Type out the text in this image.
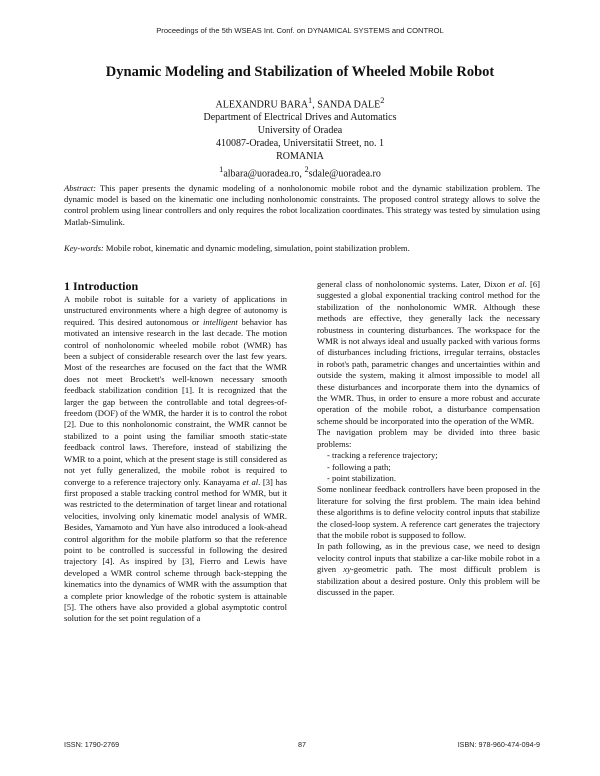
Proceedings of the 5th WSEAS Int. Conf. on DYNAMICAL SYSTEMS and CONTROL
Dynamic Modeling and Stabilization of Wheeled Mobile Robot
ALEXANDRU BARA$^1$, SANDA DALE$^2$
Department of Electrical Drives and Automatics
University of Oradea
410087-Oradea, Universitatii Street, no. 1
ROMANIA
$^1$albara@uoradea.ro, $^2$sdale@uoradea.ro
Abstract: This paper presents the dynamic modeling of a nonholonomic mobile robot and the dynamic stabilization problem. The dynamic model is based on the kinematic one including nonholonomic constraints. The proposed control strategy allows to solve the control problem using linear controllers and only requires the robot localization coordinates. This strategy was tested by simulation using Matlab-Simulink.
Key-words: Mobile robot, kinematic and dynamic modeling, simulation, point stabilization problem.
1 Introduction

A mobile robot is suitable for a variety of applications in unstructured environments where a high degree of autonomy is required. This desired autonomous or intelligent behavior has motivated an intensive research in the last decade. The motion control of nonholonomic wheeled mobile robot (WMR) has been a subject of considerable research over the last few years. Most of the researches are focused on the fact that the WMR does not meet Brockett's well-known necessary smooth feedback stabilization condition [1]. It is recognized that the larger the gap between the controllable and total degrees-of-freedom (DOF) of the WMR, the harder it is to control the robot [2]. Due to this nonholonomic constraint, the WMR cannot be stabilized to a point using the familiar smooth static-state feedback control laws. Therefore, instead of stabilizing the WMR to a point, which at the present stage is still considered as not yet fully generalized, the mobile robot is required to converge to a reference trajectory only. Kanayama et al. [3] has first proposed a stable tracking control method for WMR, but it was restricted to the determination of target linear and rotational velocities, involving only kinematic model analysis of WMR. Besides, Yamamoto and Yun have also introduced a look-ahead control algorithm for the mobile platform so that the reference point to be controlled is successful in following the desired trajectory [4]. As inspired by [3], Fierro and Lewis have developed a WMR control scheme through back-stepping the kinematics into the dynamics of WMR with the assumption that a complete prior knowledge of the robotic system is attainable [5]. The others have also provided a global asymptotic control solution for the set point regulation of a

general class of nonholonomic systems. Later, Dixon et al. [6] suggested a global exponential tracking control method for the stabilization of the nonholonomic WMR. Although these methods are effective, they generally lack the necessary robustness in countering disturbances. The workspace for the WMR is not always ideal and usually packed with various forms of disturbances including frictions, irregular terrains, obstacles in robot's path, parametric changes and uncertainties within and outside the system, making it almost impossible to model all these disturbances and incorporate them into the dynamics of the WMR. Thus, in order to ensure a more robust and accurate operation of the mobile robot, a disturbance compensation scheme should be incorporated into the operation of the WMR.

The navigation problem may be divided into three basic problems:

- tracking a reference trajectory;
- following a path;
- point stabilization.

Some nonlinear feedback controllers have been proposed in the literature for solving the first problem. The main idea behind these algorithms is to define velocity control inputs that stabilize the closed-loop system. A reference cart generates the trajectory that the mobile robot is supposed to follow.

In path following, as in the previous case, we need to design velocity control inputs that stabilize a car-like mobile robot in a given xy-geometric path. The most difficult problem is stabilization about a desired posture. Only this problem will be discussed in the paper.

ISSN: 1790-2769	87	ISBN: 978-960-474-094-9
